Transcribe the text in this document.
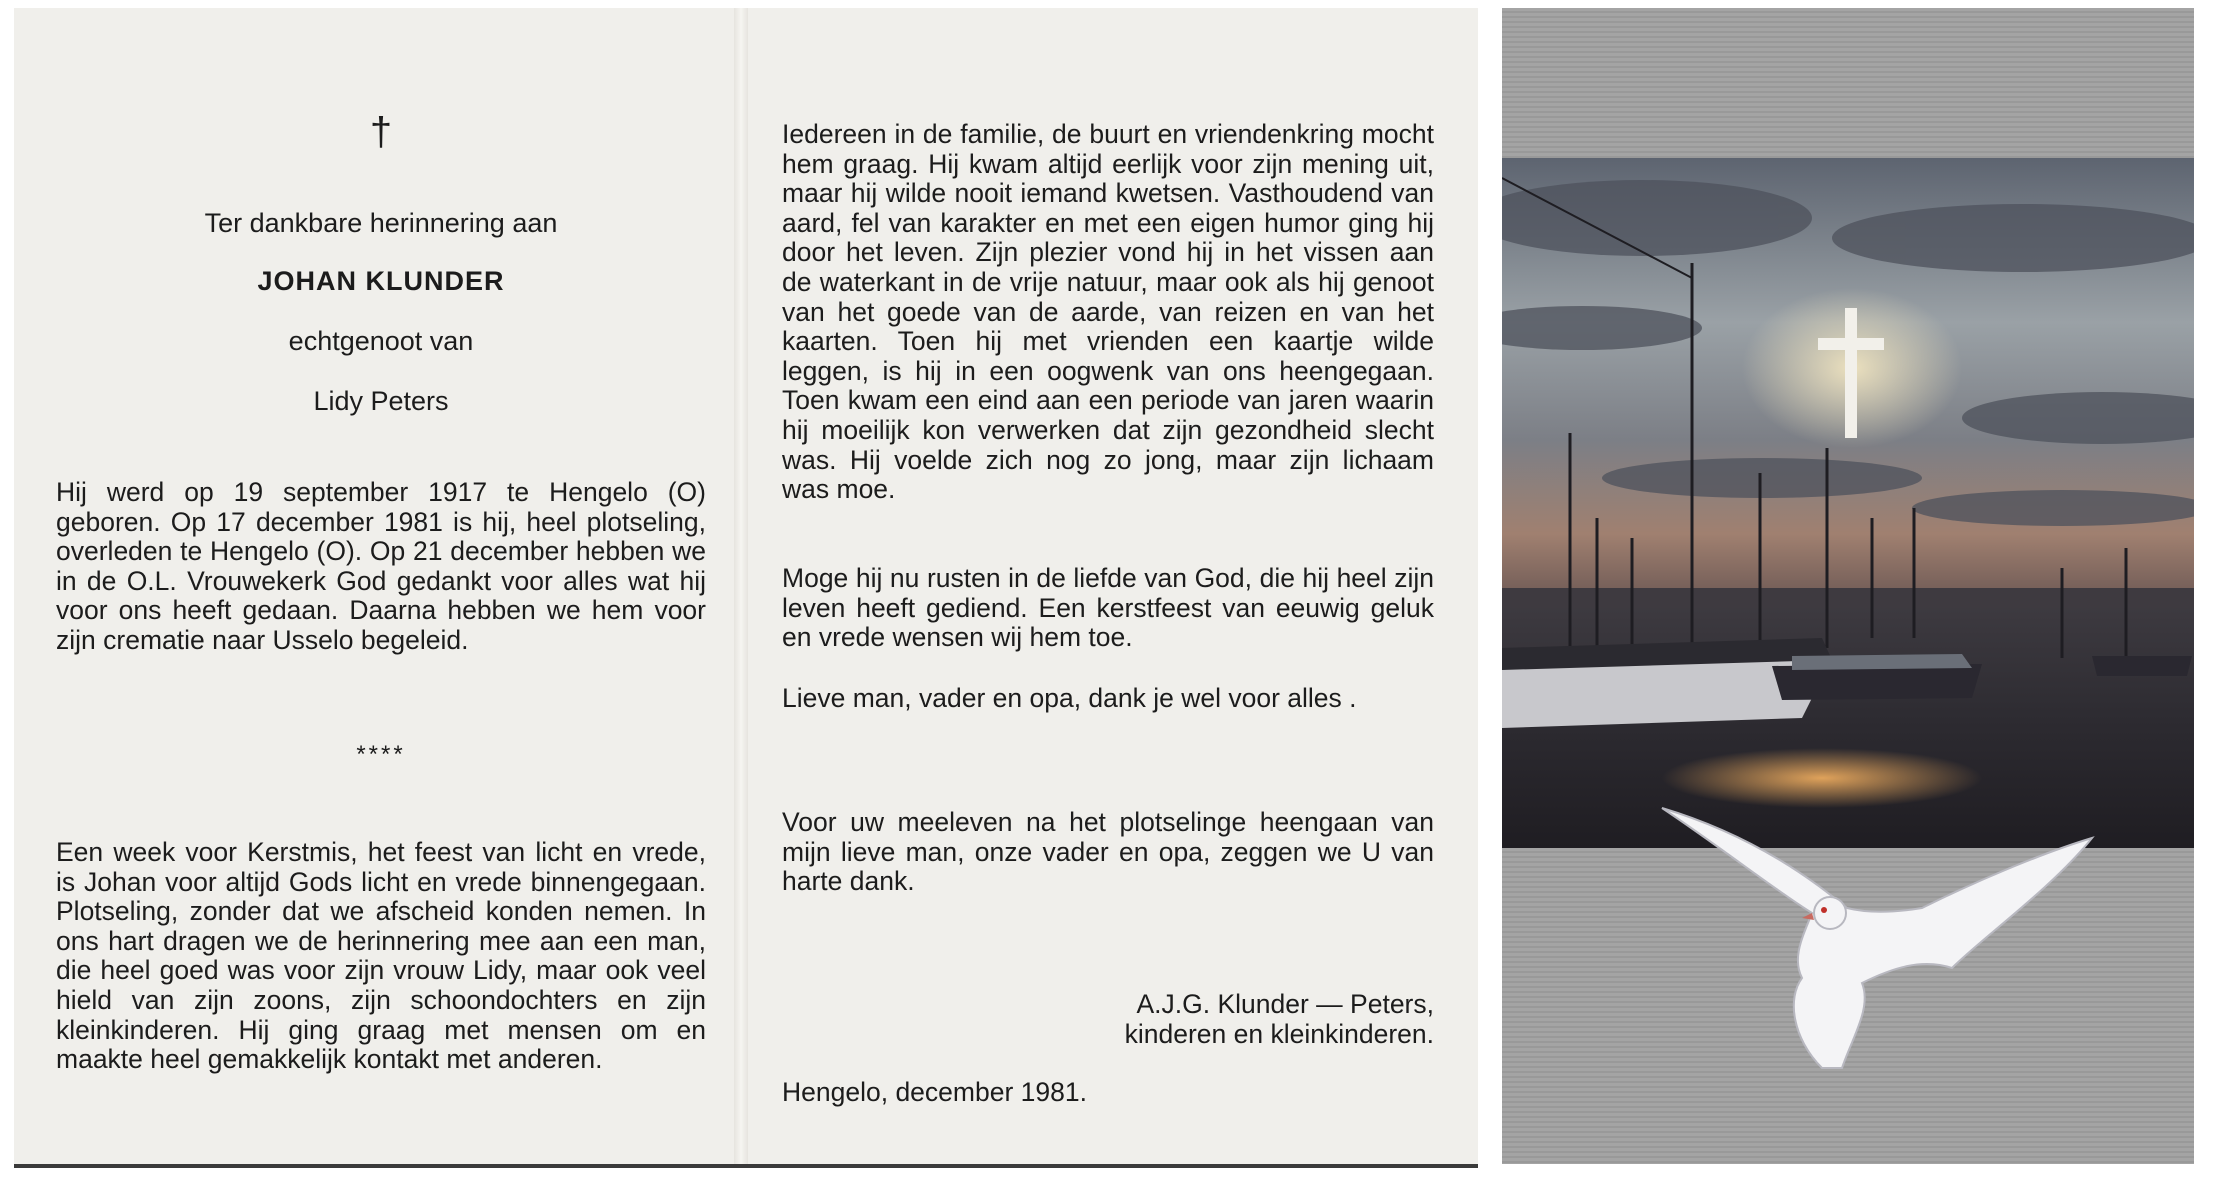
†
Ter dankbare herinnering aan
JOHAN KLUNDER
echtgenoot van
Lidy Peters

Hij werd op 19 september 1917 te Hengelo (O) geboren. Op 17 december 1981 is hij, heel plotseling, overleden te Hengelo (O). Op 21 december hebben we in de O.L. Vrouwekerk God gedankt voor alles wat hij voor ons heeft gedaan. Daarna hebben we hem voor zijn crematie naar Usselo begeleid.

****

Een week voor Kerstmis, het feest van licht en vrede, is Johan voor altijd Gods licht en vrede binnengegaan. Plotseling, zonder dat we afscheid konden nemen. In ons hart dragen we de herinnering mee aan een man, die heel goed was voor zijn vrouw Lidy, maar ook veel hield van zijn zoons, zijn schoondochters en zijn kleinkinderen. Hij ging graag met mensen om en maakte heel gemakkelijk kontakt met anderen.

Iedereen in de familie, de buurt en vriendenkring mocht hem graag. Hij kwam altijd eerlijk voor zijn mening uit, maar hij wilde nooit iemand kwetsen. Vasthoudend van aard, fel van karakter en met een eigen humor ging hij door het leven. Zijn plezier vond hij in het vissen aan de waterkant in de vrije natuur, maar ook als hij genoot van het goede van de aarde, van reizen en van het kaarten. Toen hij met vrienden een kaartje wilde leggen, is hij in een oogwenk van ons heengegaan. Toen kwam een eind aan een periode van jaren waarin hij moeilijk kon verwerken dat zijn gezondheid slecht was. Hij voelde zich nog zo jong, maar zijn lichaam was moe.

Moge hij nu rusten in de liefde van God, die hij heel zijn leven heeft gediend. Een kerstfeest van eeuwig geluk en vrede wensen wij hem toe.

Lieve man, vader en opa, dank je wel voor alles .

Voor uw meeleven na het plotselinge heengaan van mijn lieve man, onze vader en opa, zeggen we U van harte dank.

A.J.G. Klunder — Peters,
kinderen en kleinkinderen.
Hengelo, december 1981.
